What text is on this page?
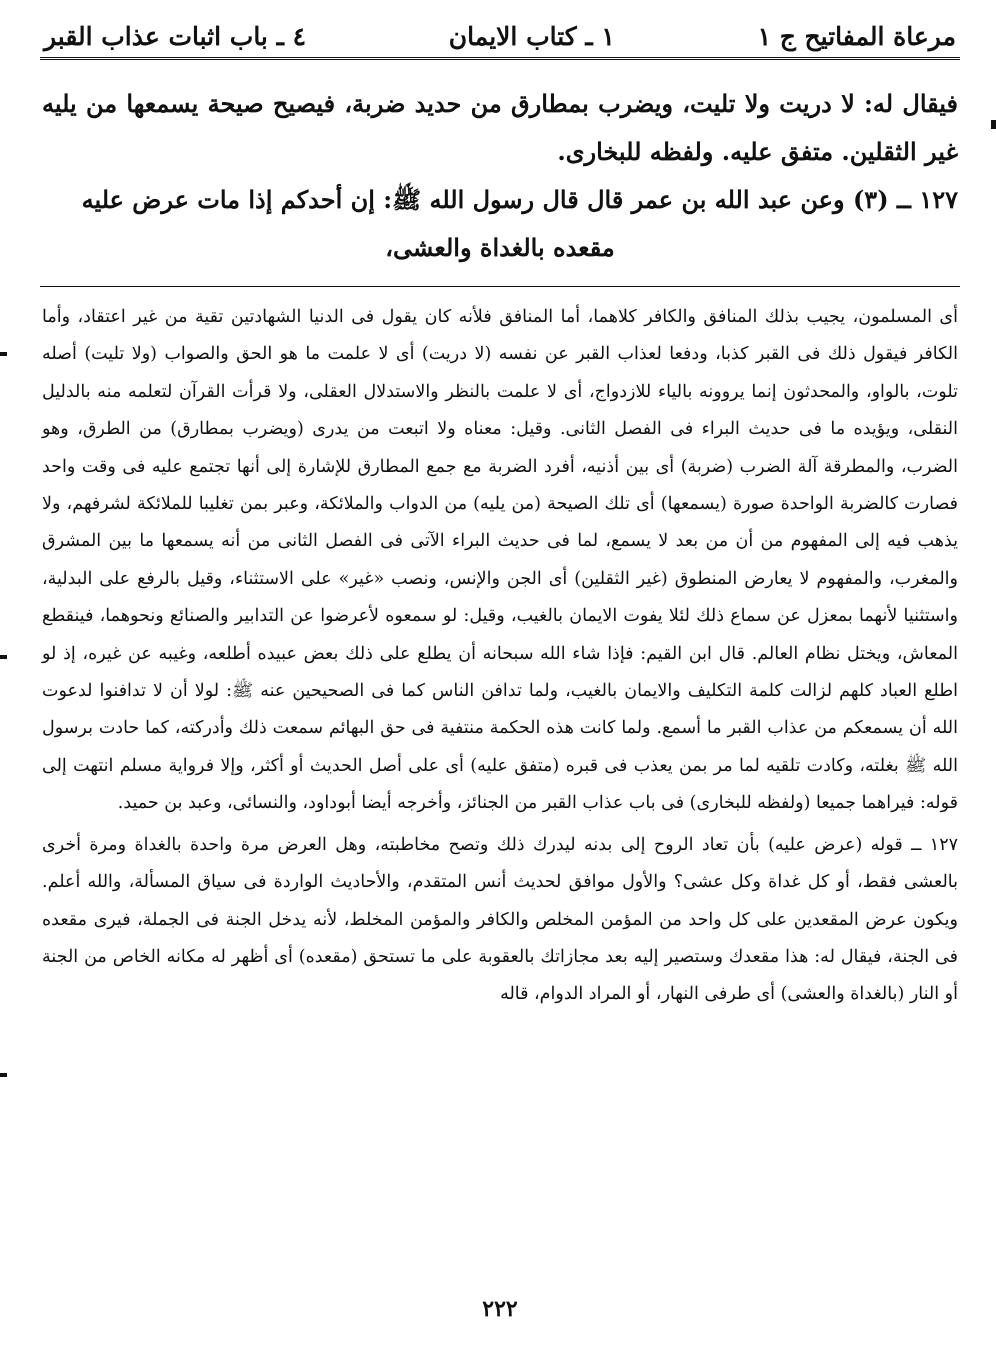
مرعاة المفاتيح ج ١
١ ـ كتاب الايمان
٤ ـ باب اثبات عذاب القبر

فيقال له: لا دريت ولا تليت، ويضرب بمطارق من حديد ضربة، فيصيح صيحة يسمعها من يليه غير الثقلين. متفق عليه. ولفظه للبخارى.

١٢٧ ــ (٣) وعن عبد الله بن عمر قال قال رسول الله ﷺ: إن أحدكم إذا مات عرض عليه

مقعده بالغداة والعشى،

أى المسلمون، يجيب بذلك المنافق والكافر كلاهما، أما المنافق فلأنه كان يقول فى الدنيا الشهادتين تقية من غير اعتقاد، وأما الكافر فيقول ذلك فى القبر كذبا، ودفعا لعذاب القبر عن نفسه (لا دريت) أى لا علمت ما هو الحق والصواب (ولا تليت) أصله تلوت، بالواو، والمحدثون إنما يروونه بالياء للازدواج، أى لا علمت بالنظر والاستدلال العقلى، ولا قرأت القرآن لتعلمه منه بالدليل النقلى، ويؤيده ما فى حديث البراء فى الفصل الثانى. وقيل: معناه ولا اتبعت من يدرى (ويضرب بمطارق) من الطرق، وهو الضرب، والمطرقة آلة الضرب (ضربة) أى بين أذنيه، أفرد الضربة مع جمع المطارق للإشارة إلى أنها تجتمع عليه فى وقت واحد فصارت كالضربة الواحدة صورة (يسمعها) أى تلك الصيحة (من يليه) من الدواب والملائكة، وعبر بمن تغليبا للملائكة لشرفهم، ولا يذهب فيه إلى المفهوم من أن من بعد لا يسمع، لما فى حديث البراء الآتى فى الفصل الثانى من أنه يسمعها ما بين المشرق والمغرب، والمفهوم لا يعارض المنطوق (غير الثقلين) أى الجن والإنس، ونصب «غير» على الاستثناء، وقيل بالرفع على البدلية، واستثنيا لأنهما بمعزل عن سماع ذلك لئلا يفوت الايمان بالغيب، وقيل: لو سمعوه لأعرضوا عن التدابير والصنائع ونحوهما، فينقطع المعاش، ويختل نظام العالم. قال ابن القيم: فإذا شاء الله سبحانه أن يطلع على ذلك بعض عبيده أطلعه، وغيبه عن غيره، إذ لو اطلع العباد كلهم لزالت كلمة التكليف والايمان بالغيب، ولما تدافن الناس كما فى الصحيحين عنه ﷺ: لولا أن لا تدافنوا لدعوت الله أن يسمعكم من عذاب القبر ما أسمع. ولما كانت هذه الحكمة منتفية فى حق البهائم سمعت ذلك وأدركته، كما حادت برسول الله ﷺ بغلته، وكادت تلقيه لما مر بمن يعذب فى قبره (متفق عليه) أى على أصل الحديث أو أكثر، وإلا فرواية مسلم انتهت إلى قوله: فيراهما جميعا (ولفظه للبخارى) فى باب عذاب القبر من الجنائز، وأخرجه أيضا أبوداود، والنسائى، وعبد بن حميد.

١٢٧ ــ قوله (عرض عليه) بأن تعاد الروح إلى بدنه ليدرك ذلك وتصح مخاطبته، وهل العرض مرة واحدة بالغداة ومرة أخرى بالعشى فقط، أو كل غداة وكل عشى؟ والأول موافق لحديث أنس المتقدم، والأحاديث الواردة فى سياق المسألة، والله أعلم. ويكون عرض المقعدين على كل واحد من المؤمن المخلص والكافر والمؤمن المخلط، لأنه يدخل الجنة فى الجملة، فيرى مقعده فى الجنة، فيقال له: هذا مقعدك وستصير إليه بعد مجازاتك بالعقوبة على ما تستحق (مقعده) أى أظهر له مكانه الخاص من الجنة أو النار (بالغداة والعشى) أى طرفى النهار، أو المراد الدوام، قاله

٢٢٢
